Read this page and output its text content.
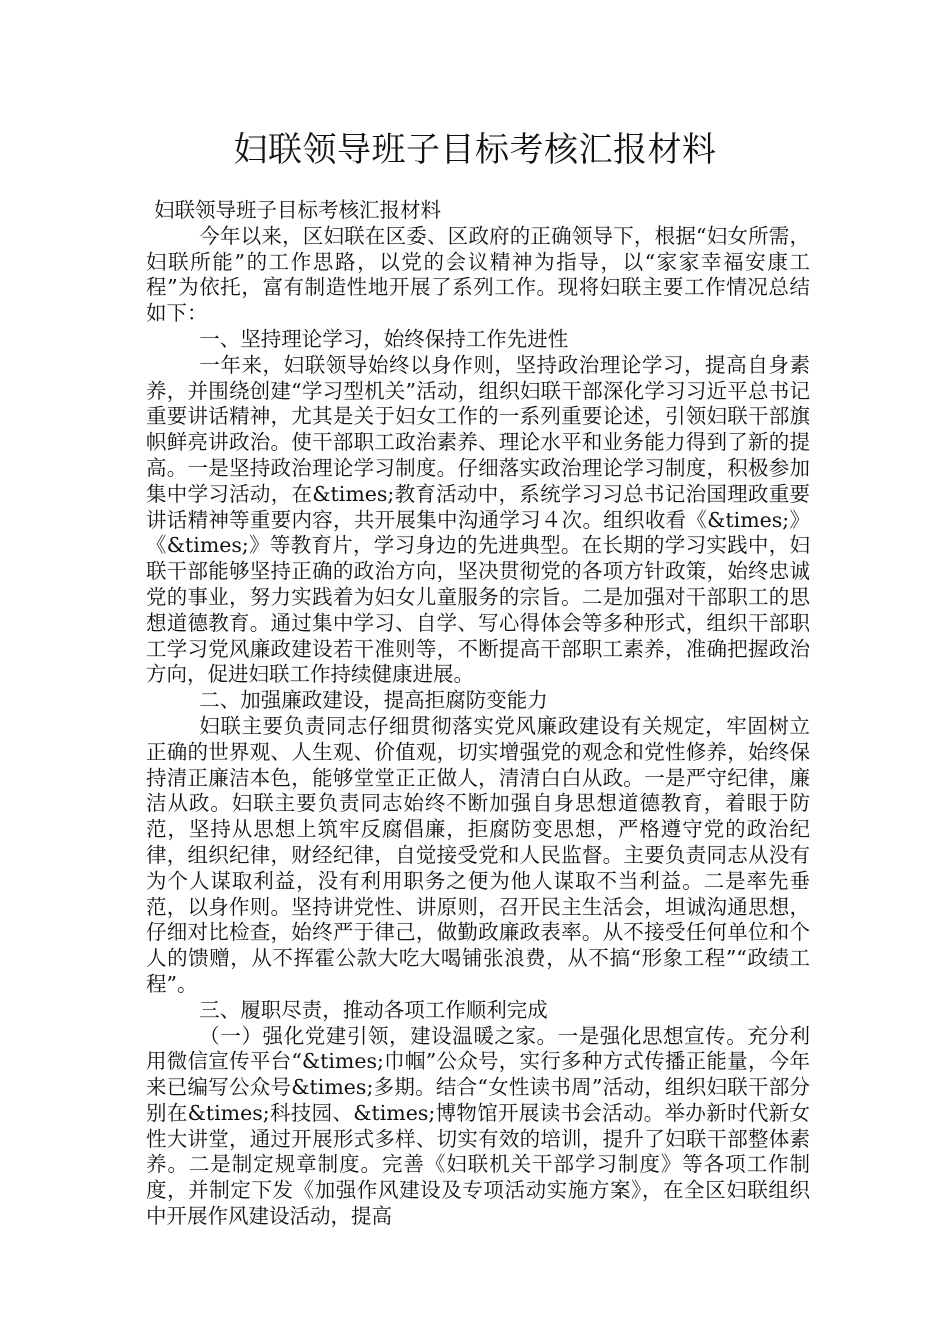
妇联领导班子目标考核汇报材料

妇联领导班子目标考核汇报材料

今年以来，区妇联在区委、区政府的正确领导下，根据“妇女所需，妇联所能”的工作思路，以党的会议精神为指导，以“家家幸福安康工程”为依托，富有制造性地开展了系列工作。现将妇联主要工作情况总结如下：

一、坚持理论学习，始终保持工作先进性

一年来，妇联领导始终以身作则，坚持政治理论学习，提高自身素养，并围绕创建“学习型机关”活动，组织妇联干部深化学习习近平总书记重要讲话精神，尤其是关于妇女工作的一系列重要论述，引领妇联干部旗帜鲜亮讲政治。使干部职工政治素养、理论水平和业务能力得到了新的提高。一是坚持政治理论学习制度。仔细落实政治理论学习制度，积极参加集中学习活动，在&times;教育活动中，系统学习习总书记治国理政重要讲话精神等重要内容，共开展集中沟通学习４次。组织收看《&times;》《&times;》等教育片，学习身边的先进典型。在长期的学习实践中，妇联干部能够坚持正确的政治方向，坚决贯彻党的各项方针政策，始终忠诚党的事业，努力实践着为妇女儿童服务的宗旨。二是加强对干部职工的思想道德教育。通过集中学习、自学、写心得体会等多种形式，组织干部职工学习党风廉政建设若干准则等，不断提高干部职工素养，准确把握政治方向，促进妇联工作持续健康进展。

二、加强廉政建设，提高拒腐防变能力

妇联主要负责同志仔细贯彻落实党风廉政建设有关规定，牢固树立正确的世界观、人生观、价值观，切实增强党的观念和党性修养，始终保持清正廉洁本色，能够堂堂正正做人，清清白白从政。一是严守纪律，廉洁从政。妇联主要负责同志始终不断加强自身思想道德教育，着眼于防范，坚持从思想上筑牢反腐倡廉，拒腐防变思想，严格遵守党的政治纪律，组织纪律，财经纪律，自觉接受党和人民监督。主要负责同志从没有为个人谋取利益，没有利用职务之便为他人谋取不当利益。二是率先垂范，以身作则。坚持讲党性、讲原则，召开民主生活会，坦诚沟通思想，仔细对比检查，始终严于律己，做勤政廉政表率。从不接受任何单位和个人的馈赠，从不挥霍公款大吃大喝铺张浪费，从不搞“形象工程”“政绩工程”。

三、履职尽责，推动各项工作顺利完成

（一）强化党建引领，建设温暖之家。一是强化思想宣传。充分利用微信宣传平台“&times;巾帼”公众号，实行多种方式传播正能量，今年来已编写公众号&times;多期。结合“女性读书周”活动，组织妇联干部分别在&times;科技园、&times;博物馆开展读书会活动。举办新时代新女性大讲堂，通过开展形式多样、切实有效的培训，提升了妇联干部整体素养。二是制定规章制度。完善《妇联机关干部学习制度》等各项工作制度，并制定下发《加强作风建设及专项活动实施方案》，在全区妇联组织中开展作风建设活动，提高
